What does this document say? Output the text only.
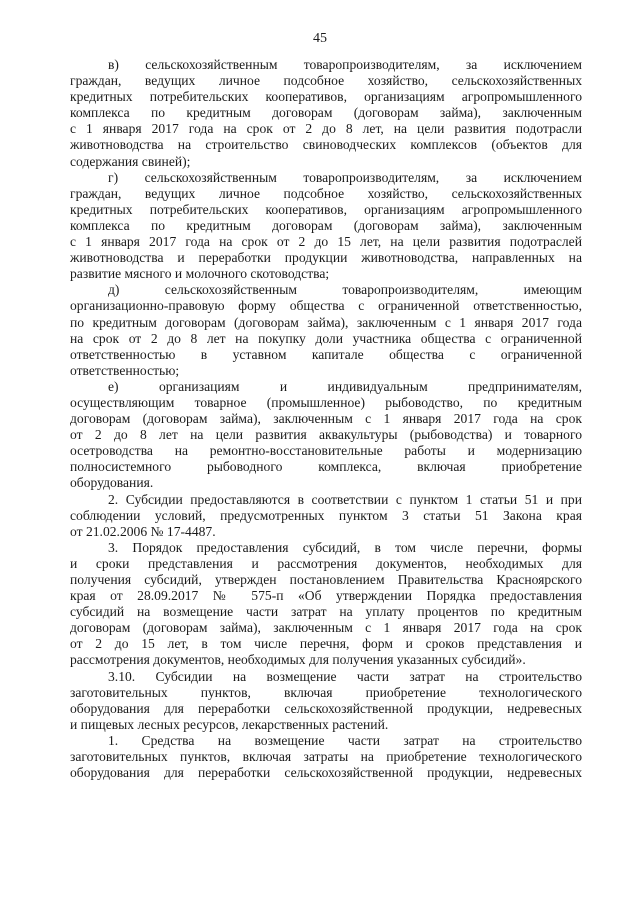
45
в) сельскохозяйственным товаропроизводителям, за исключением
граждан, ведущих личное подсобное хозяйство, сельскохозяйственных
кредитных потребительских кооперативов, организациям агропромышленного
комплекса по кредитным договорам (договорам займа), заключенным
с 1 января 2017 года на срок от 2 до 8 лет, на цели развития подотрасли
животноводства на строительство свиноводческих комплексов (объектов для
содержания свиней);
г) сельскохозяйственным товаропроизводителям, за исключением
граждан, ведущих личное подсобное хозяйство, сельскохозяйственных
кредитных потребительских кооперативов, организациям агропромышленного
комплекса по кредитным договорам (договорам займа), заключенным
с 1 января 2017 года на срок от 2 до 15 лет, на цели развития подотраслей
животноводства и переработки продукции животноводства, направленных на
развитие мясного и молочного скотоводства;
д) сельскохозяйственным товаропроизводителям, имеющим
организационно-правовую форму общества с ограниченной ответственностью,
по кредитным договорам (договорам займа), заключенным с 1 января 2017 года
на срок от 2 до 8 лет на покупку доли участника общества с ограниченной
ответственностью в уставном капитале общества с ограниченной
ответственностью;
е) организациям и индивидуальным предпринимателям,
осуществляющим товарное (промышленное) рыбоводство, по кредитным
договорам (договорам займа), заключенным с 1 января 2017 года на срок
от 2 до 8 лет на цели развития аквакультуры (рыбоводства) и товарного
осетроводства на ремонтно-восстановительные работы и модернизацию
полносистемного рыбоводного комплекса, включая приобретение
оборудования.
2. Субсидии предоставляются в соответствии с пунктом 1 статьи 51 и при
соблюдении условий, предусмотренных пунктом 3 статьи 51 Закона края
от 21.02.2006 № 17-4487.
3. Порядок предоставления субсидий, в том числе перечни, формы
и сроки представления и рассмотрения документов, необходимых для
получения субсидий, утвержден постановлением Правительства Красноярского
края от 28.09.2017 № 575-п «Об утверждении Порядка предоставления
субсидий на возмещение части затрат на уплату процентов по кредитным
договорам (договорам займа), заключенным с 1 января 2017 года на срок
от 2 до 15 лет, в том числе перечня, форм и сроков представления и
рассмотрения документов, необходимых для получения указанных субсидий».
3.10. Субсидии на возмещение части затрат на строительство
заготовительных пунктов, включая приобретение технологического
оборудования для переработки сельскохозяйственной продукции, недревесных
и пищевых лесных ресурсов, лекарственных растений.
1. Средства на возмещение части затрат на строительство
заготовительных пунктов, включая затраты на приобретение технологического
оборудования для переработки сельскохозяйственной продукции, недревесных
